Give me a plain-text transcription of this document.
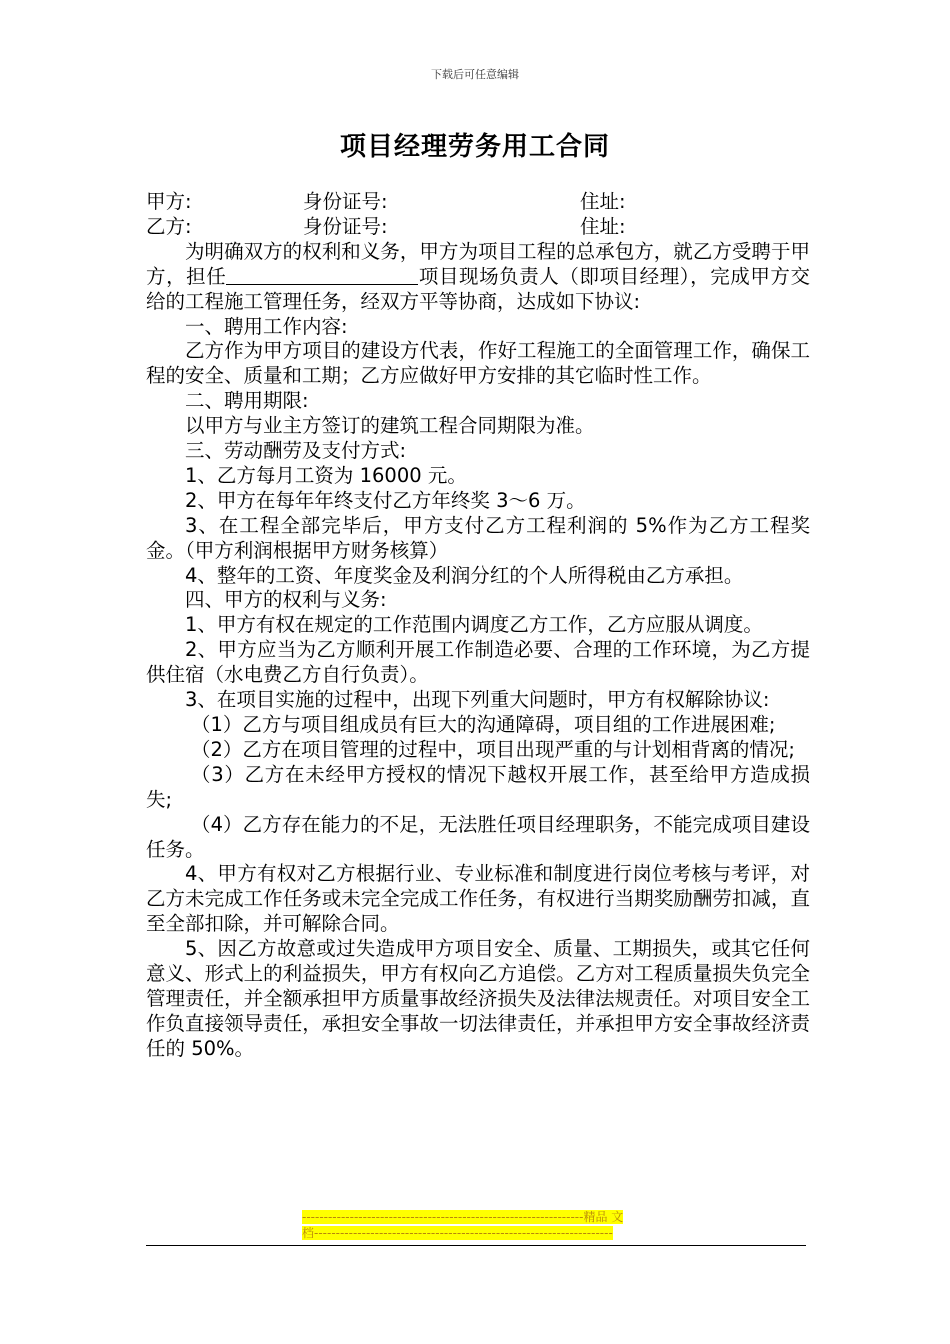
下载后可任意编辑
项目经理劳务用工合同
甲方:	身份证号:	住址:
乙方:	身份证号:	住址:

为明确双方的权利和义务，甲方为项目工程的总承包方，就乙方受聘于甲方，担任	项目现场负责人（即项目经理），完成甲方交给的工程施工管理任务，经双方平等协商，达成如下协议:

一、聘用工作内容:

乙方作为甲方项目的建设方代表，作好工程施工的全面管理工作，确保工程的安全、质量和工期；乙方应做好甲方安排的其它临时性工作。

二、聘用期限:

以甲方与业主方签订的建筑工程合同期限为准。

三、劳动酬劳及支付方式:

1、乙方每月工资为 16000 元。

2、甲方在每年年终支付乙方年终奖 3～6 万。

3、在工程全部完毕后，甲方支付乙方工程利润的 5%作为乙方工程奖金。（甲方利润根据甲方财务核算）

4、整年的工资、年度奖金及利润分红的个人所得税由乙方承担。

四、甲方的权利与义务:

1、甲方有权在规定的工作范围内调度乙方工作，乙方应服从调度。

2、甲方应当为乙方顺利开展工作制造必要、合理的工作环境，为乙方提供住宿（水电费乙方自行负责）。

3、在项目实施的过程中，出现下列重大问题时，甲方有权解除协议:

（1）乙方与项目组成员有巨大的沟通障碍，项目组的工作进展困难;

（2）乙方在项目管理的过程中，项目出现严重的与计划相背离的情况;

（3）乙方在未经甲方授权的情况下越权开展工作，甚至给甲方造成损失;

（4）乙方存在能力的不足，无法胜任项目经理职务，不能完成项目建设任务。

4、甲方有权对乙方根据行业、专业标准和制度进行岗位考核与考评，对乙方未完成工作任务或未完全完成工作任务，有权进行当期奖励酬劳扣减，直至全部扣除，并可解除合同。

5、因乙方故意或过失造成甲方项目安全、质量、工期损失，或其它任何意义、形式上的利益损失，甲方有权向乙方追偿。乙方对工程质量损失负完全管理责任，并全额承担甲方质量事故经济损失及法律法规责任。对项目安全工作负直接领导责任，承担安全事故一切法律责任，并承担甲方安全事故经济责任的 50%。

-----------------------------------------------------------------精品 文
档---------------------------------------------------------------------
